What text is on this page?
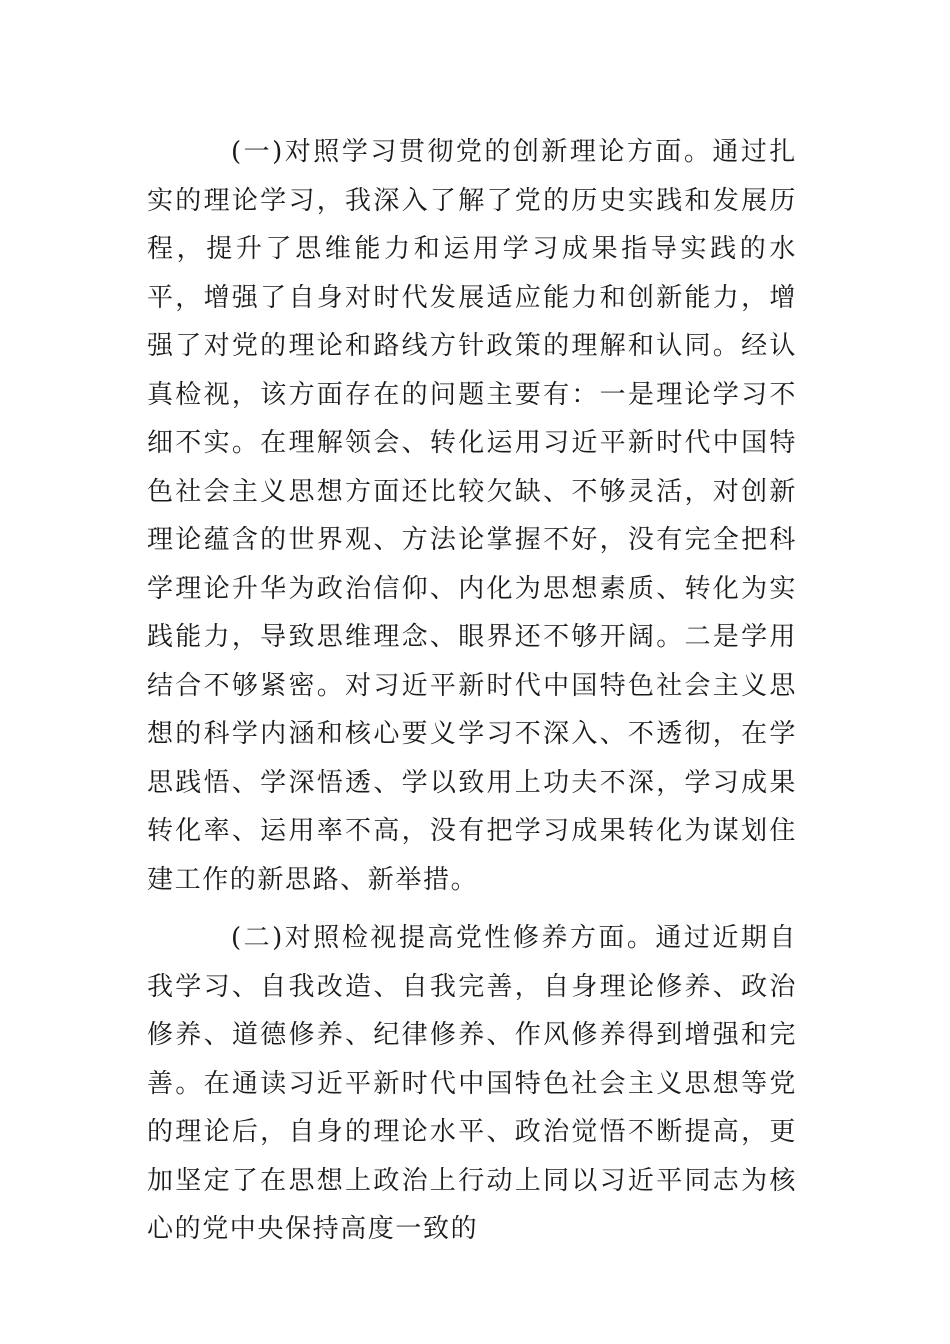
(一)对照学习贯彻党的创新理论方面。通过扎实的理论学习，我深入了解了党的历史实践和发展历程，提升了思维能力和运用学习成果指导实践的水平，增强了自身对时代发展适应能力和创新能力，增强了对党的理论和路线方针政策的理解和认同。经认真检视，该方面存在的问题主要有：一是理论学习不细不实。在理解领会、转化运用习近平新时代中国特色社会主义思想方面还比较欠缺、不够灵活，对创新理论蕴含的世界观、方法论掌握不好，没有完全把科学理论升华为政治信仰、内化为思想素质、转化为实践能力，导致思维理念、眼界还不够开阔。二是学用结合不够紧密。对习近平新时代中国特色社会主义思想的科学内涵和核心要义学习不深入、不透彻，在学思践悟、学深悟透、学以致用上功夫不深，学习成果转化率、运用率不高，没有把学习成果转化为谋划住建工作的新思路、新举措。

(二)对照检视提高党性修养方面。通过近期自我学习、自我改造、自我完善，自身理论修养、政治修养、道德修养、纪律修养、作风修养得到增强和完善。在通读习近平新时代中国特色社会主义思想等党的理论后，自身的理论水平、政治觉悟不断提高，更加坚定了在思想上政治上行动上同以习近平同志为核心的党中央保持高度一致的
